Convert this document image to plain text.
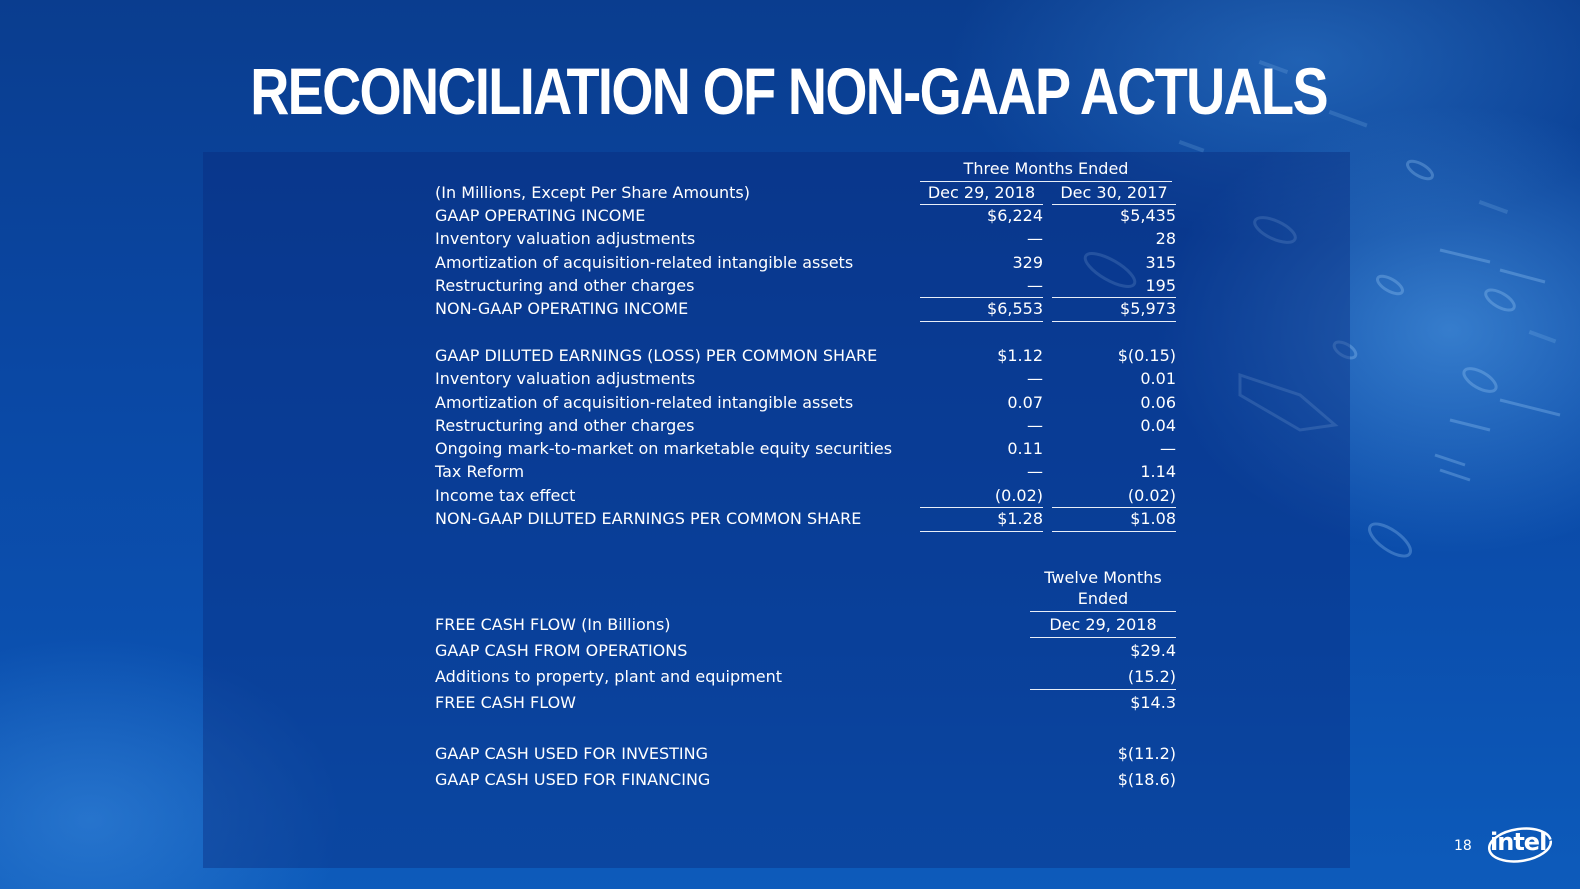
RECONCILIATION OF NON-GAAP ACTUALS
Three Months Ended
(In Millions, Except Per Share Amounts)	Dec 29, 2018	Dec 30, 2017
GAAP OPERATING INCOME	$6,224	$5,435
Inventory valuation adjustments	—	28
Amortization of acquisition-related intangible assets	329	315
Restructuring and other charges	—	195
NON-GAAP OPERATING INCOME	$6,553	$5,973
GAAP DILUTED EARNINGS (LOSS) PER COMMON SHARE	$1.12	$(0.15)
Inventory valuation adjustments	—	0.01
Amortization of acquisition-related intangible assets	0.07	0.06
Restructuring and other charges	—	0.04
Ongoing mark-to-market on marketable equity securities	0.11	—
Tax Reform	—	1.14
Income tax effect	(0.02)	(0.02)
NON-GAAP DILUTED EARNINGS PER COMMON SHARE	$1.28	$1.08
Twelve Months
Ended
FREE CASH FLOW (In Billions)	Dec 29, 2018
GAAP CASH FROM OPERATIONS	$29.4
Additions to property, plant and equipment	(15.2)
FREE CASH FLOW	$14.3
GAAP CASH USED FOR INVESTING	$(11.2)
GAAP CASH USED FOR FINANCING	$(18.6)
18 intel
